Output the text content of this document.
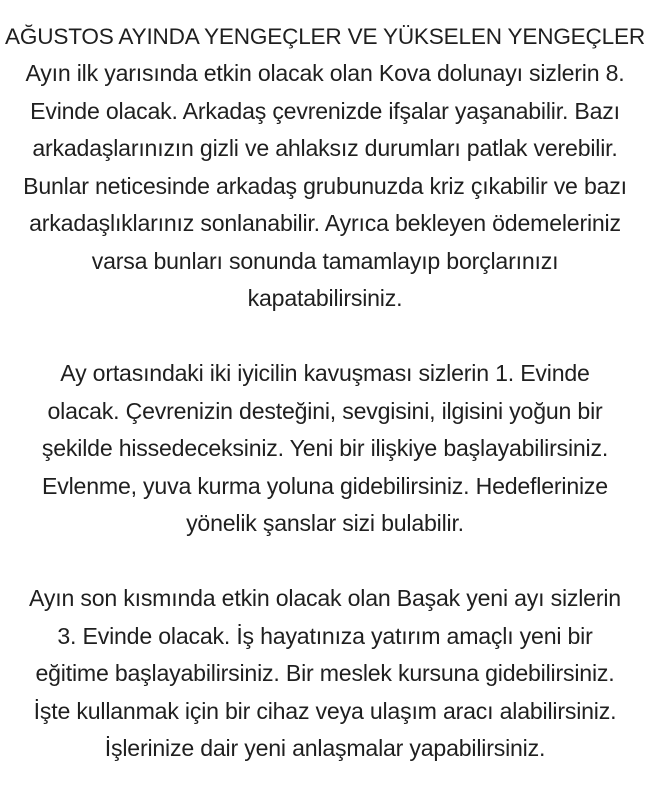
AĞUSTOS AYINDA YENGEÇLER VE YÜKSELEN YENGEÇLER

Ayın ilk yarısında etkin olacak olan Kova dolunayı sizlerin 8.
Evinde olacak. Arkadaş çevrenizde ifşalar yaşanabilir. Bazı
arkadaşlarınızın gizli ve ahlaksız durumları patlak verebilir.
Bunlar neticesinde arkadaş grubunuzda kriz çıkabilir ve bazı
arkadaşlıklarınız sonlanabilir. Ayrıca bekleyen ödemeleriniz
varsa bunları sonunda tamamlayıp borçlarınızı
kapatabilirsiniz.

Ay ortasındaki iki iyicilin kavuşması sizlerin 1. Evinde
olacak. Çevrenizin desteğini, sevgisini, ilgisini yoğun bir
şekilde hissedeceksiniz. Yeni bir ilişkiye başlayabilirsiniz.
Evlenme, yuva kurma yoluna gidebilirsiniz. Hedeflerinize
yönelik şanslar sizi bulabilir.

Ayın son kısmında etkin olacak olan Başak yeni ayı sizlerin
3. Evinde olacak. İş hayatınıza yatırım amaçlı yeni bir
eğitime başlayabilirsiniz. Bir meslek kursuna gidebilirsiniz.
İşte kullanmak için bir cihaz veya ulaşım aracı alabilirsiniz.
İşlerinize dair yeni anlaşmalar yapabilirsiniz.
